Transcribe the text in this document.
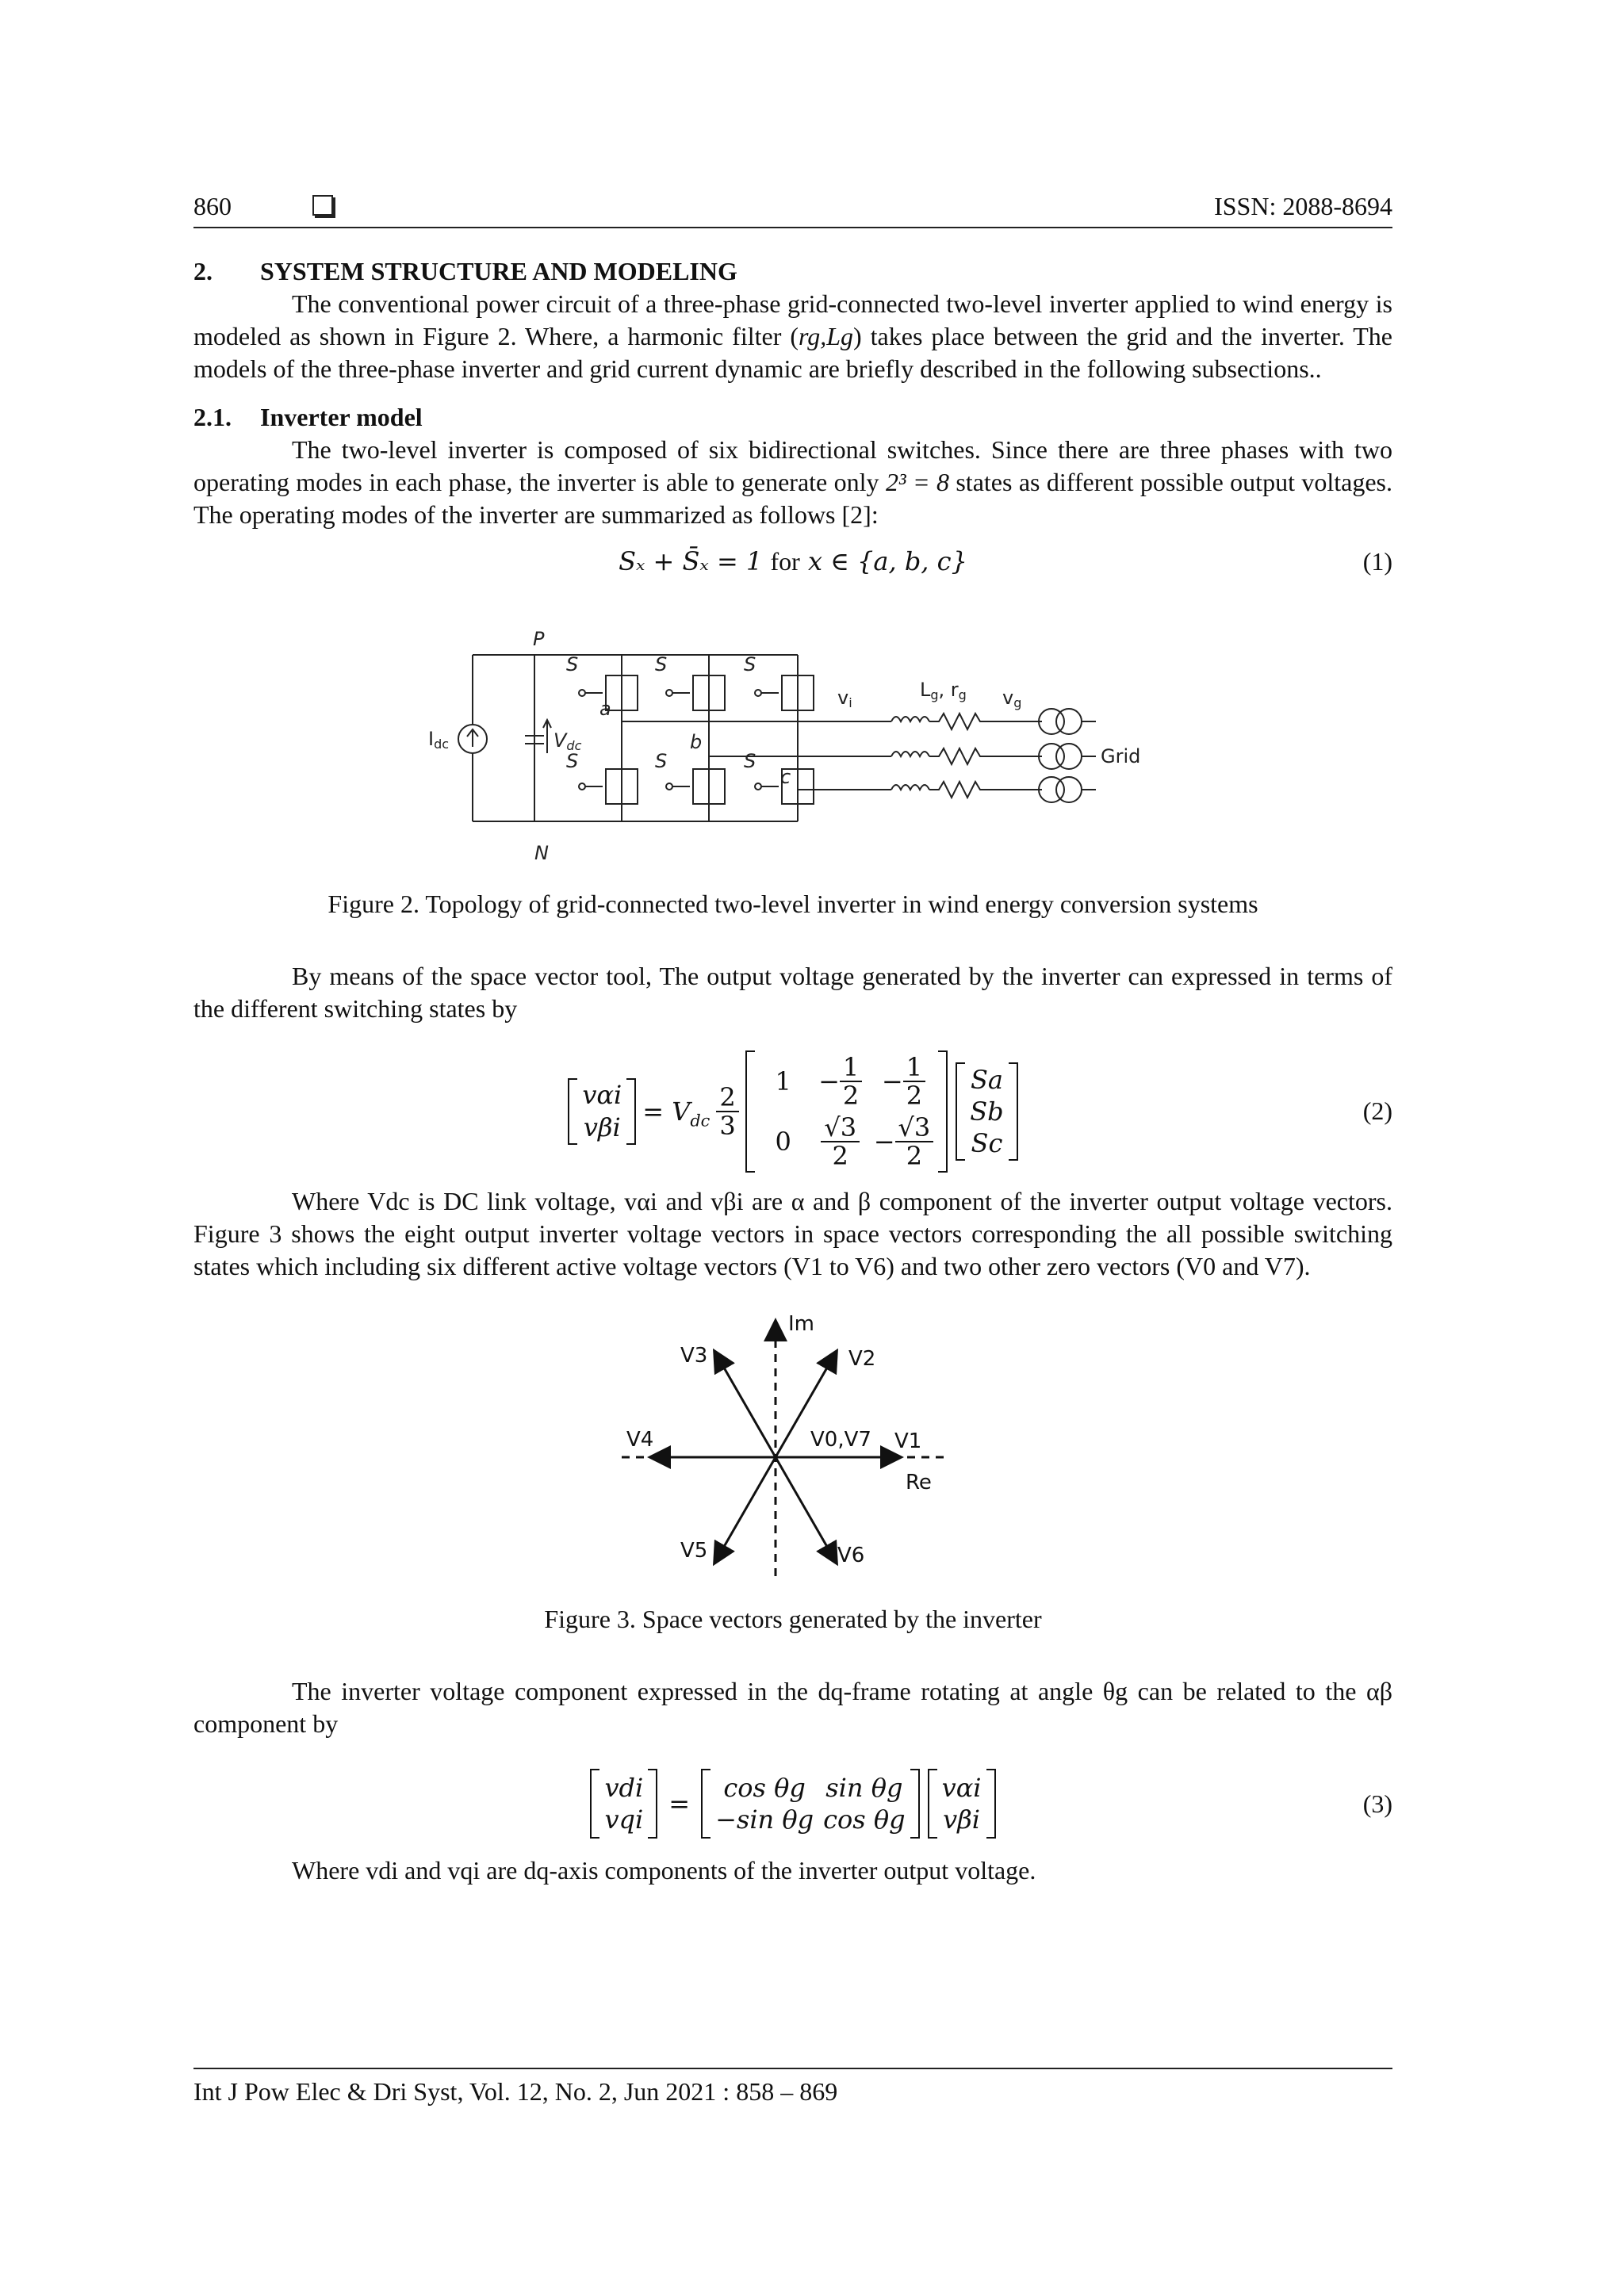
860	ISSN: 2088-8694
2. SYSTEM STRUCTURE AND MODELING

The conventional power circuit of a three-phase grid-connected two-level inverter applied to wind energy is modeled as shown in Figure 2. Where, a harmonic filter (rg,Lg) takes place between the grid and the inverter. The models of the three-phase inverter and grid current dynamic are briefly described in the following subsections..

2.1. Inverter model

The two-level inverter is composed of six bidirectional switches. Since there are three phases with two operating modes in each phase, the inverter is able to generate only 2³ = 8 states as different possible output voltages. The operating modes of the inverter are summarized as follows [2]:

Sₓ + S̄ₓ = 1 for x ∈ {a, b, c}	(1)
P
N
Idc	Vdc
S	S	S
S	S	S
a
b
c
vi
Lg, rg vg
Grid

Figure 2. Topology of grid-connected two-level inverter in wind energy conversion systems

By means of the space vector tool, The output voltage generated by the inverter can expressed in terms of the different switching states by

vαi
vβi
= $V_{dc} \frac{2}{3}$
1
0
− $\frac{1}{2}$
$\frac{√3}{2}$
− $\frac{1}{2}$
− $\frac{√3}{2}$
Sa
Sb
Sc
(2)

Where Vdc is DC link voltage, vαi and vβi are α and β component of the inverter output voltage vectors. Figure 3 shows the eight output inverter voltage vectors in space vectors corresponding the all possible switching states which including six different active voltage vectors (V1 to V6) and two other zero vectors (V0 and V7).

Im
Re
V1
V2
V3
V4
V5	V6
V0,V7

Figure 3. Space vectors generated by the inverter

The inverter voltage component expressed in the dq-frame rotating at angle θg can be related to the αβ component by

vdi
vqi
=
cos θg
−sin θg
sin θg
cos θg
vαi
vβi
(3)

Where vdi and vqi are dq-axis components of the inverter output voltage.

Int J Pow Elec & Dri Syst, Vol. 12, No. 2, Jun 2021 : 858 – 869
